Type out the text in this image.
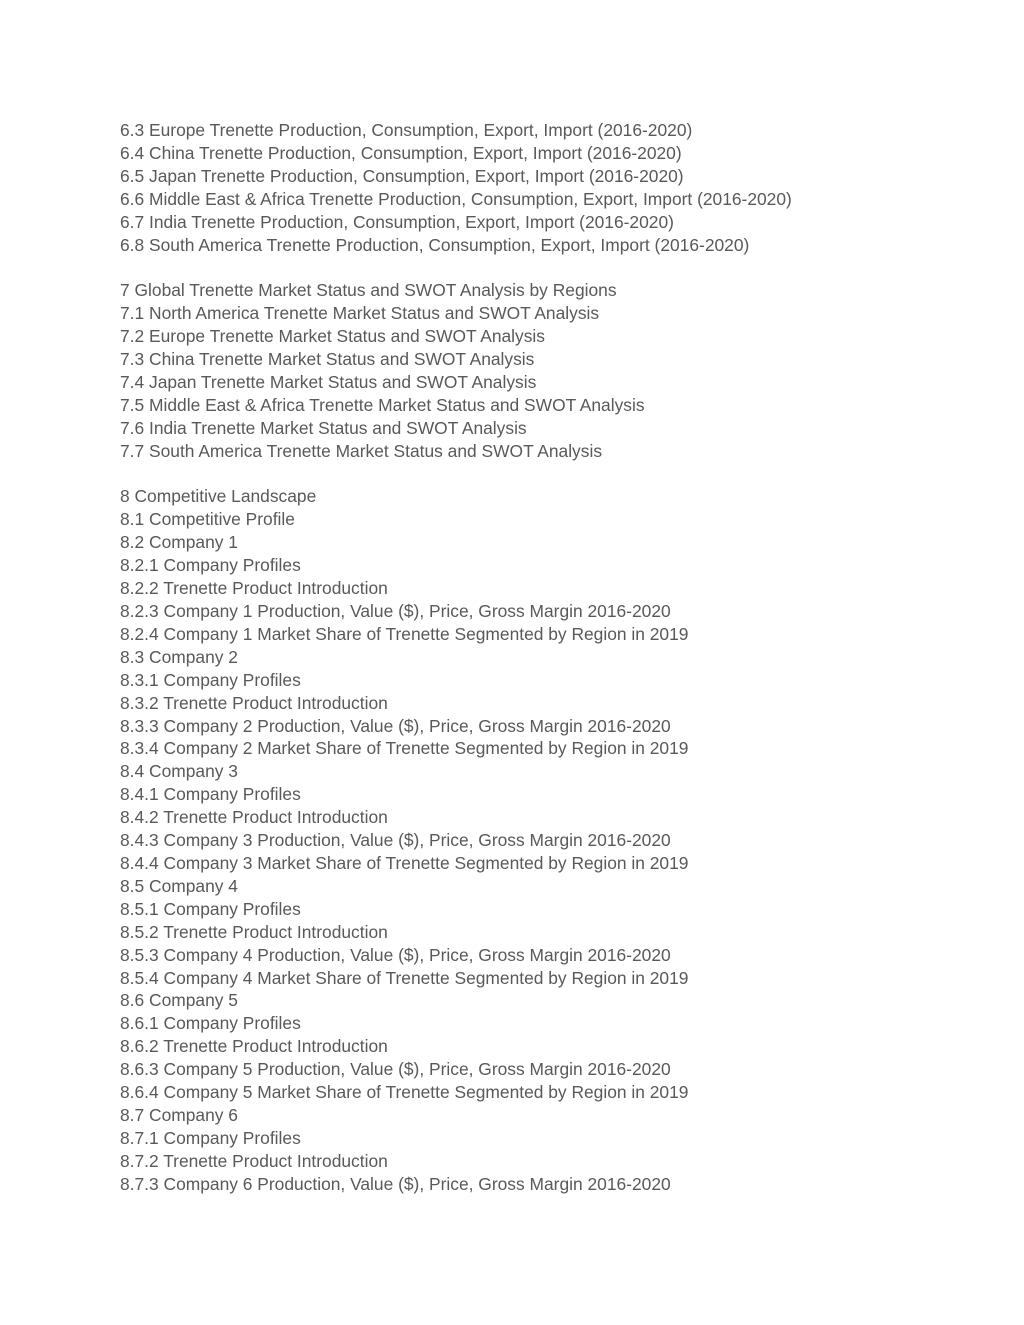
6.3 Europe Trenette Production, Consumption, Export, Import (2016-2020)
6.4 China Trenette Production, Consumption, Export, Import (2016-2020)
6.5 Japan Trenette Production, Consumption, Export, Import (2016-2020)
6.6 Middle East & Africa Trenette Production, Consumption, Export, Import (2016-2020)
6.7 India Trenette Production, Consumption, Export, Import (2016-2020)
6.8 South America Trenette Production, Consumption, Export, Import (2016-2020)
7 Global Trenette Market Status and SWOT Analysis by Regions
7.1 North America Trenette Market Status and SWOT Analysis
7.2 Europe Trenette Market Status and SWOT Analysis
7.3 China Trenette Market Status and SWOT Analysis
7.4 Japan Trenette Market Status and SWOT Analysis
7.5 Middle East & Africa Trenette Market Status and SWOT Analysis
7.6 India Trenette Market Status and SWOT Analysis
7.7 South America Trenette Market Status and SWOT Analysis
8 Competitive Landscape
8.1 Competitive Profile
8.2 Company 1
8.2.1 Company Profiles
8.2.2 Trenette Product Introduction
8.2.3 Company 1 Production, Value ($), Price, Gross Margin 2016-2020
8.2.4 Company 1 Market Share of Trenette Segmented by Region in 2019
8.3 Company 2
8.3.1 Company Profiles
8.3.2 Trenette Product Introduction
8.3.3 Company 2 Production, Value ($), Price, Gross Margin 2016-2020
8.3.4 Company 2 Market Share of Trenette Segmented by Region in 2019
8.4 Company 3
8.4.1 Company Profiles
8.4.2 Trenette Product Introduction
8.4.3 Company 3 Production, Value ($), Price, Gross Margin 2016-2020
8.4.4 Company 3 Market Share of Trenette Segmented by Region in 2019
8.5 Company 4
8.5.1 Company Profiles
8.5.2 Trenette Product Introduction
8.5.3 Company 4 Production, Value ($), Price, Gross Margin 2016-2020
8.5.4 Company 4 Market Share of Trenette Segmented by Region in 2019
8.6 Company 5
8.6.1 Company Profiles
8.6.2 Trenette Product Introduction
8.6.3 Company 5 Production, Value ($), Price, Gross Margin 2016-2020
8.6.4 Company 5 Market Share of Trenette Segmented by Region in 2019
8.7 Company 6
8.7.1 Company Profiles
8.7.2 Trenette Product Introduction
8.7.3 Company 6 Production, Value ($), Price, Gross Margin 2016-2020
